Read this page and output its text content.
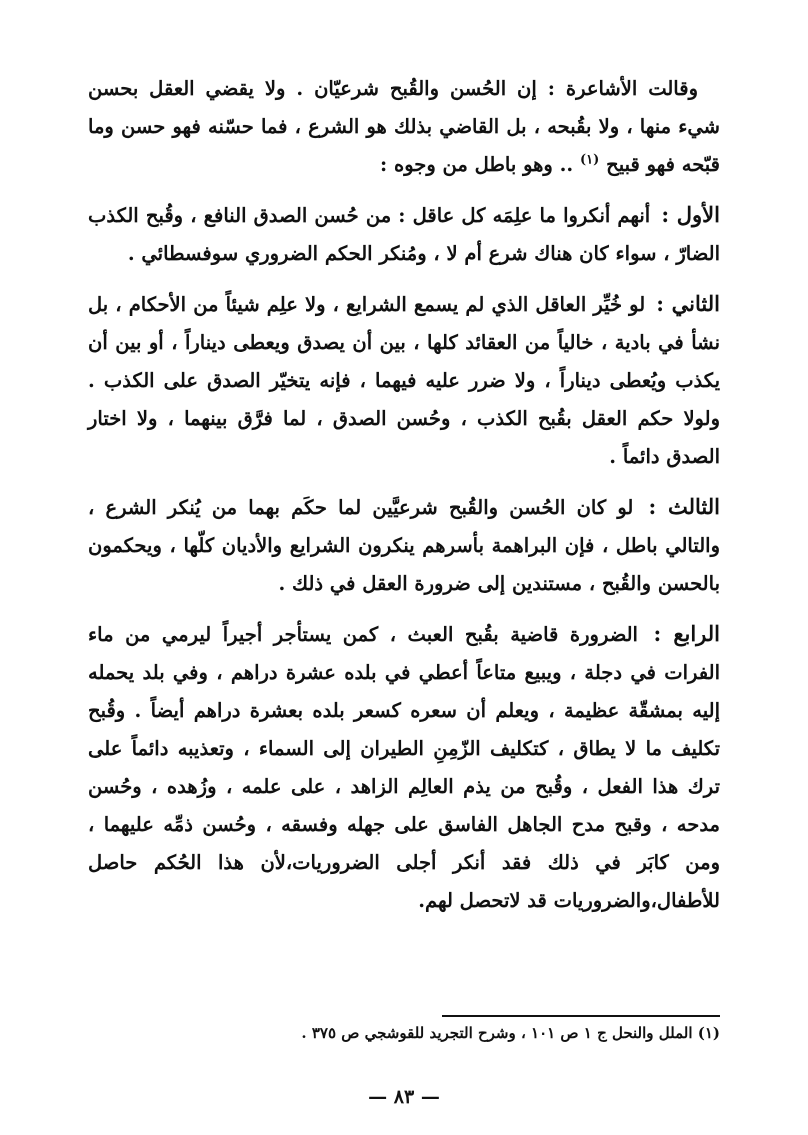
وقالت الأشاعرة : إن الحُسن والقُبح شرعيّان . ولا يقضي العقل بحسن شيء منها ، ولا بقُبحه ، بل القاضي بذلك هو الشرع ، فما حسّنه فهو حسن وما قبّحه فهو قبيح $^{(١)}$ .. وهو باطل من وجوه :

الأول : أنهم أنكروا ما علِمَه كل عاقل : من حُسن الصدق النافع ، وقُبح الكذب الضارّ ، سواء كان هناك شرع أم لا ، ومُنكر الحكم الضروري سوفسطائي .

الثاني : لو خُيِّر العاقل الذي لم يسمع الشرايع ، ولا علِم شيئاً من الأحكام ، بل نشأ في بادية ، خالياً من العقائد كلها ، بين أن يصدق ويعطى ديناراً ، أو بين أن يكذب ويُعطى ديناراً ، ولا ضرر عليه فيهما ، فإنه يتخيّر الصدق على الكذب . ولولا حكم العقل بقُبح الكذب ، وحُسن الصدق ، لما فرَّق بينهما ، ولا اختار الصدق دائماً .

الثالث : لو كان الحُسن والقُبح شرعيَّين لما حكَم بهما من يُنكر الشرع ، والتالي باطل ، فإن البراهمة بأسرهم ينكرون الشرايع والأديان كلّها ، ويحكمون بالحسن والقُبح ، مستندين إلى ضرورة العقل في ذلك .

الرابع : الضرورة قاضية بقُبح العبث ، كمن يستأجر أجيراً ليرمي من ماء الفرات في دجلة ، ويبيع متاعاً أعطي في بلده عشرة دراهم ، وفي بلد يحمله إليه بمشقّة عظيمة ، ويعلم أن سعره كسعر بلده بعشرة دراهم أيضاً . وقُبح تكليف ما لا يطاق ، كتكليف الزّمِنِ الطيران إلى السماء ، وتعذيبه دائماً على ترك هذا الفعل ، وقُبح من يذم العالِم الزاهد ، على علمه ، وزُهده ، وحُسن مدحه ، وقبح مدح الجاهل الفاسق على جهله وفسقه ، وحُسن ذمِّه عليهما ، ومن كابَر في ذلك فقد أنكر أجلى الضروريات،لأن هذا الحُكم حاصل للأطفال،والضروريات قد لاتحصل لهم.

(١) الملل والنحل ج ١ ص ١٠١ ، وشرح التجريد للقوشجي ص ٣٧٥ .
— ٨٣ —
